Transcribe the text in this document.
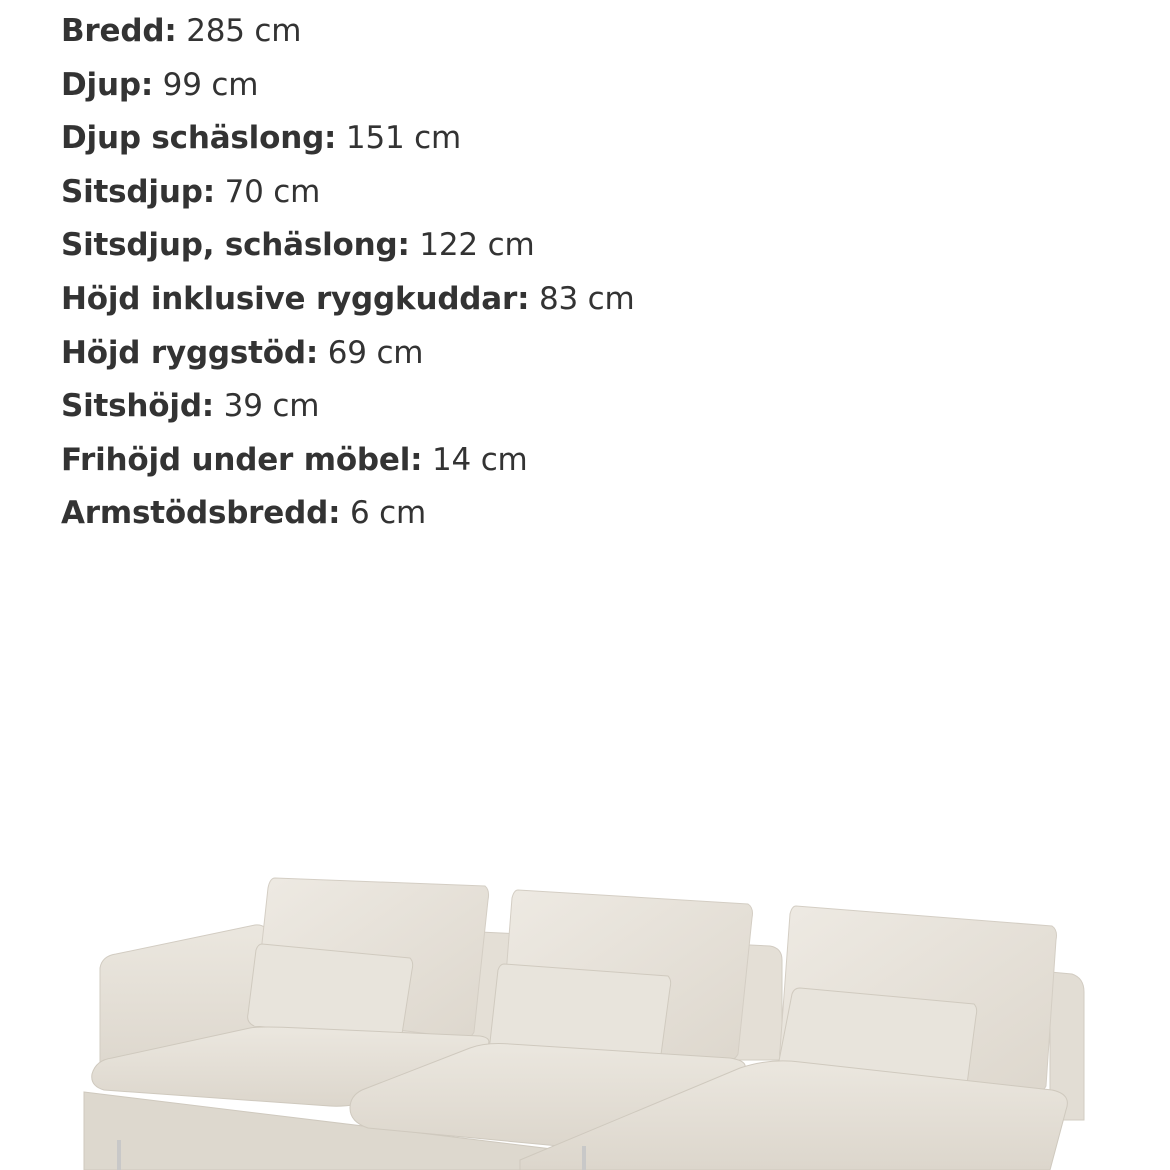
Bredd: 285 cm
Djup: 99 cm
Djup schäslong: 151 cm
Sitsdjup: 70 cm
Sitsdjup, schäslong: 122 cm
Höjd inklusive ryggkuddar: 83 cm
Höjd ryggstöd: 69 cm
Sitshöjd: 39 cm
Frihöjd under möbel: 14 cm
Armstödsbredd: 6 cm
